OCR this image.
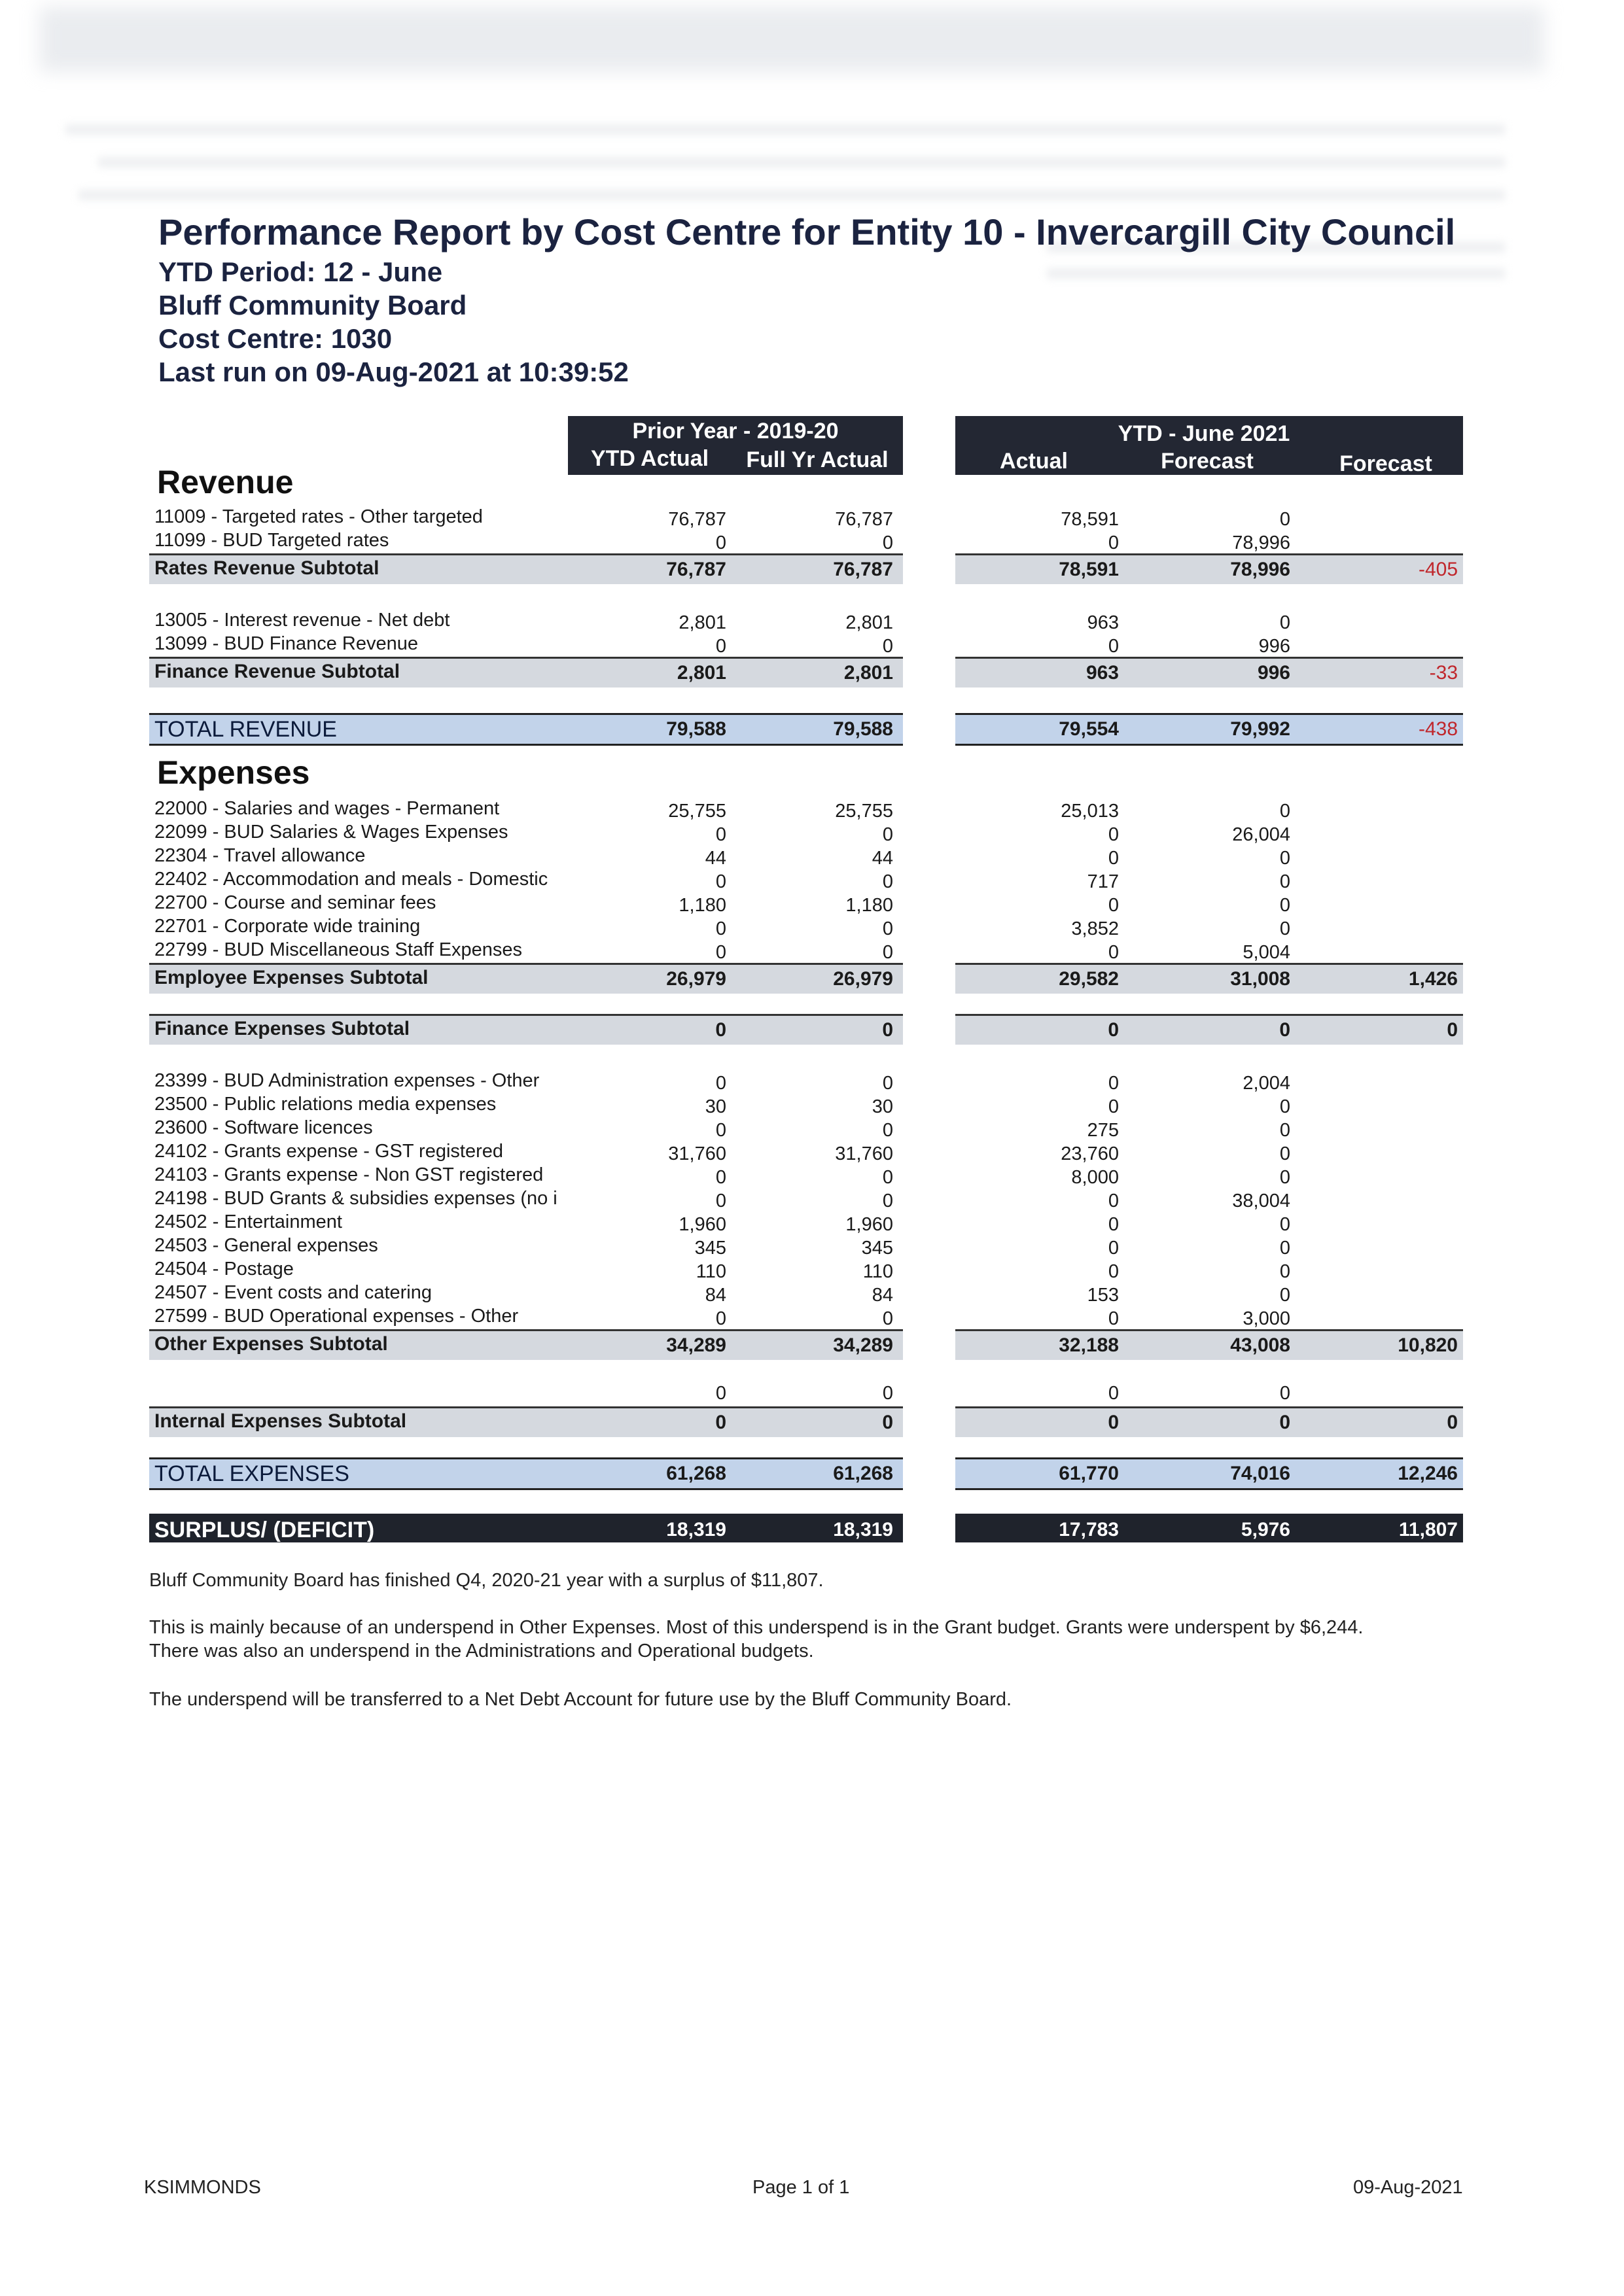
Performance Report by Cost Centre for Entity 10 - Invercargill City Council
YTD Period: 12 - June
Bluff Community Board
Cost Centre: 1030
Last run on 09-Aug-2021 at 10:39:52
Prior Year - 2019-20
YTD Actual	Full Yr Actual
YTD - June 2021
Actual	Forecast	Forecast
Revenue
11009 - Targeted rates - Other targeted	76,787	76,787	78,591	0
11099 - BUD Targeted rates	0	0	0	78,996
Rates Revenue Subtotal	76,787	76,787	78,591	78,996	-405
13005 - Interest revenue - Net debt	2,801	2,801	963	0
13099 - BUD Finance Revenue	0	0	0	996
Finance Revenue Subtotal	2,801	2,801	963	996	-33
TOTAL REVENUE	79,588	79,588	79,554	79,992	-438
Expenses
22000 - Salaries and wages - Permanent	25,755	25,755	25,013	0
22099 - BUD Salaries & Wages Expenses	0	0	0	26,004
22304 - Travel allowance	44	44	0	0
22402 - Accommodation and meals - Domestic	0	0	717	0
22700 - Course and seminar fees	1,180	1,180	0	0
22701 - Corporate wide training	0	0	3,852	0
22799 - BUD Miscellaneous Staff Expenses	0	0	0	5,004
Employee Expenses Subtotal	26,979	26,979	29,582	31,008	1,426
Finance Expenses Subtotal	0	0	0	0	0
23399 - BUD Administration expenses - Other	0	0	0	2,004
23500 - Public relations media expenses	30	30	0	0
23600 - Software licences	0	0	275	0
24102 - Grants expense - GST registered	31,760	31,760	23,760	0
24103 - Grants expense - Non GST registered	0	0	8,000	0
24198 - BUD Grants & subsidies expenses (no i	0	0	0	38,004
24502 - Entertainment	1,960	1,960	0	0
24503 - General expenses	345	345	0	0
24504 - Postage	110	110	0	0
24507 - Event costs and catering	84	84	153	0
27599 - BUD Operational expenses - Other	0	0	0	3,000
Other Expenses Subtotal	34,289	34,289	32,188	43,008	10,820
0	0	0	0
Internal Expenses Subtotal	0	0	0	0	0
TOTAL EXPENSES	61,268	61,268	61,770	74,016	12,246
SURPLUS/ (DEFICIT)	18,319	18,319	17,783	5,976	11,807
Bluff Community Board has finished Q4, 2020-21 year with a surplus of $11,807.
This is mainly because of an underspend in Other Expenses. Most of this underspend is in the Grant budget. Grants were underspent by $6,244.
There was also an underspend in the Administrations and Operational budgets.
The underspend will be transferred to a Net Debt Account for future use by the Bluff Community Board.
KSIMMONDS	Page 1 of 1	09-Aug-2021
